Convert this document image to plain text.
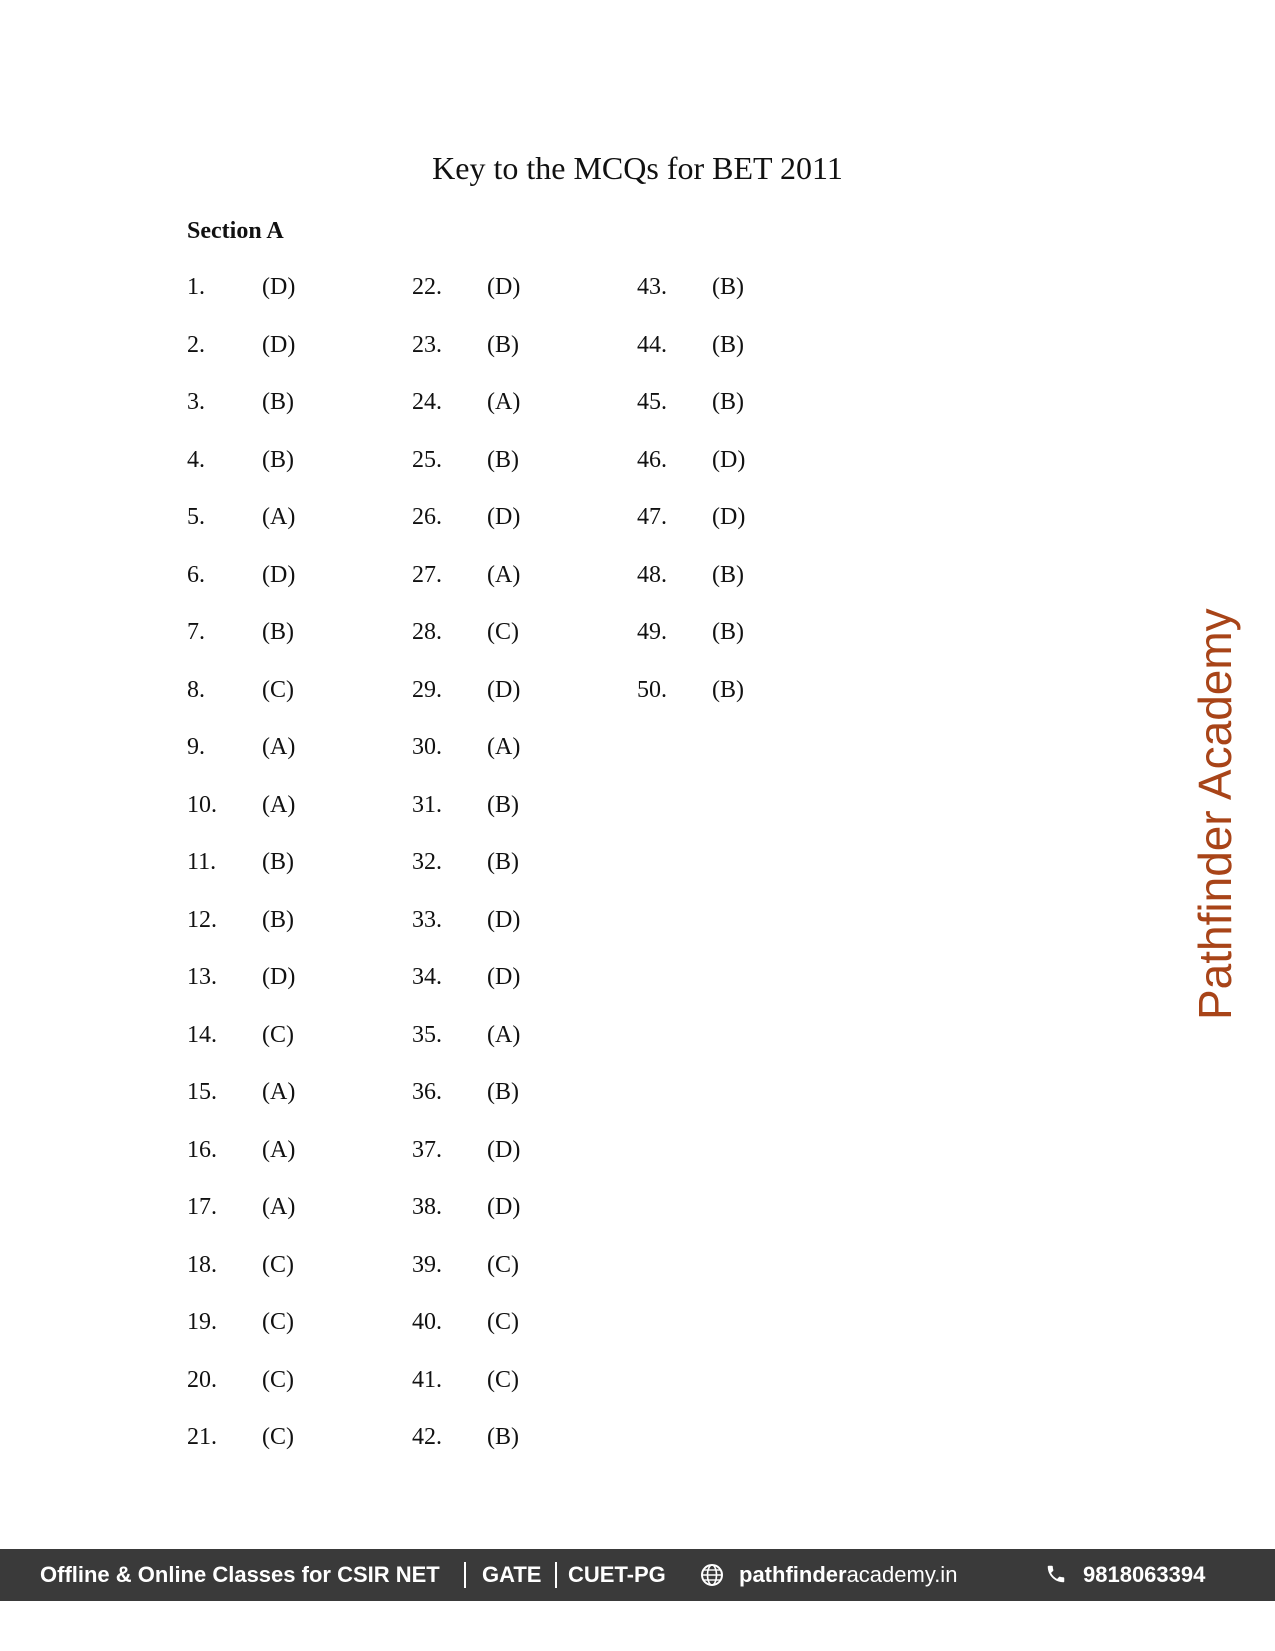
Key to the MCQs for BET 2011
Section A
1. (D)
2. (D)
3. (B)
4. (B)
5. (A)
6. (D)
7. (B)
8. (C)
9. (A)
10. (A)
11. (B)
12. (B)
13. (D)
14. (C)
15. (A)
16. (A)
17. (A)
18. (C)
19. (C)
20. (C)
21. (C)
22. (D)
23. (B)
24. (A)
25. (B)
26. (D)
27. (A)
28. (C)
29. (D)
30. (A)
31. (B)
32. (B)
33. (D)
34. (D)
35. (A)
36. (B)
37. (D)
38. (D)
39. (C)
40. (C)
41. (C)
42. (B)
43. (B)
44. (B)
45. (B)
46. (D)
47. (D)
48. (B)
49. (B)
50. (B)	Pathfinder Academy
Offline & Online Classes for CSIR NET GATE CUET-PG	pathfinderacademy.in	9818063394
